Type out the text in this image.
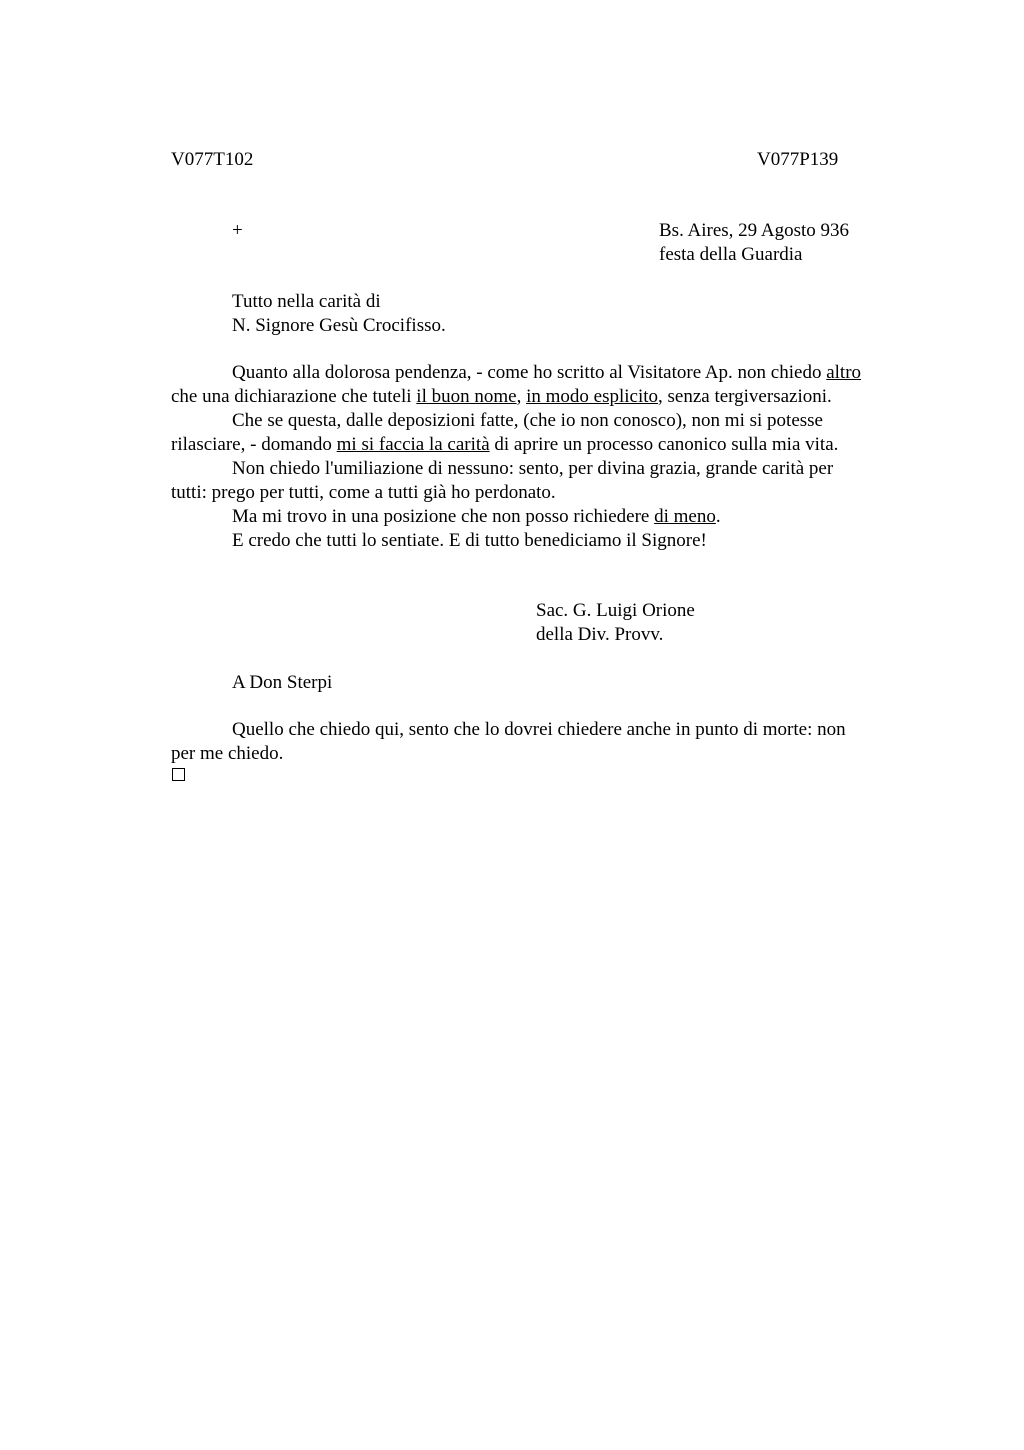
V077T102	V077P139
+	Bs. Aires, 29 Agosto 936
festa della Guardia
Tutto nella carità di
N. Signore Gesù Crocifisso.
Quanto alla dolorosa pendenza, - come ho scritto al Visitatore Ap. non chiedo altro
che una dichiarazione che tuteli il buon nome, in modo esplicito, senza tergiversazioni.
Che se questa, dalle deposizioni fatte, (che io non conosco), non mi si potesse
rilasciare, - domando mi si faccia la carità di aprire un processo canonico sulla mia vita.
Non chiedo l'umiliazione di nessuno: sento, per divina grazia, grande carità per
tutti: prego per tutti, come a tutti già ho perdonato.
Ma mi trovo in una posizione che non posso richiedere di meno.
E credo che tutti lo sentiate. E di tutto benediciamo il Signore!
Sac. G. Luigi Orione
della Div. Provv.
A Don Sterpi
Quello che chiedo qui, sento che lo dovrei chiedere anche in punto di morte: non
per me chiedo.
